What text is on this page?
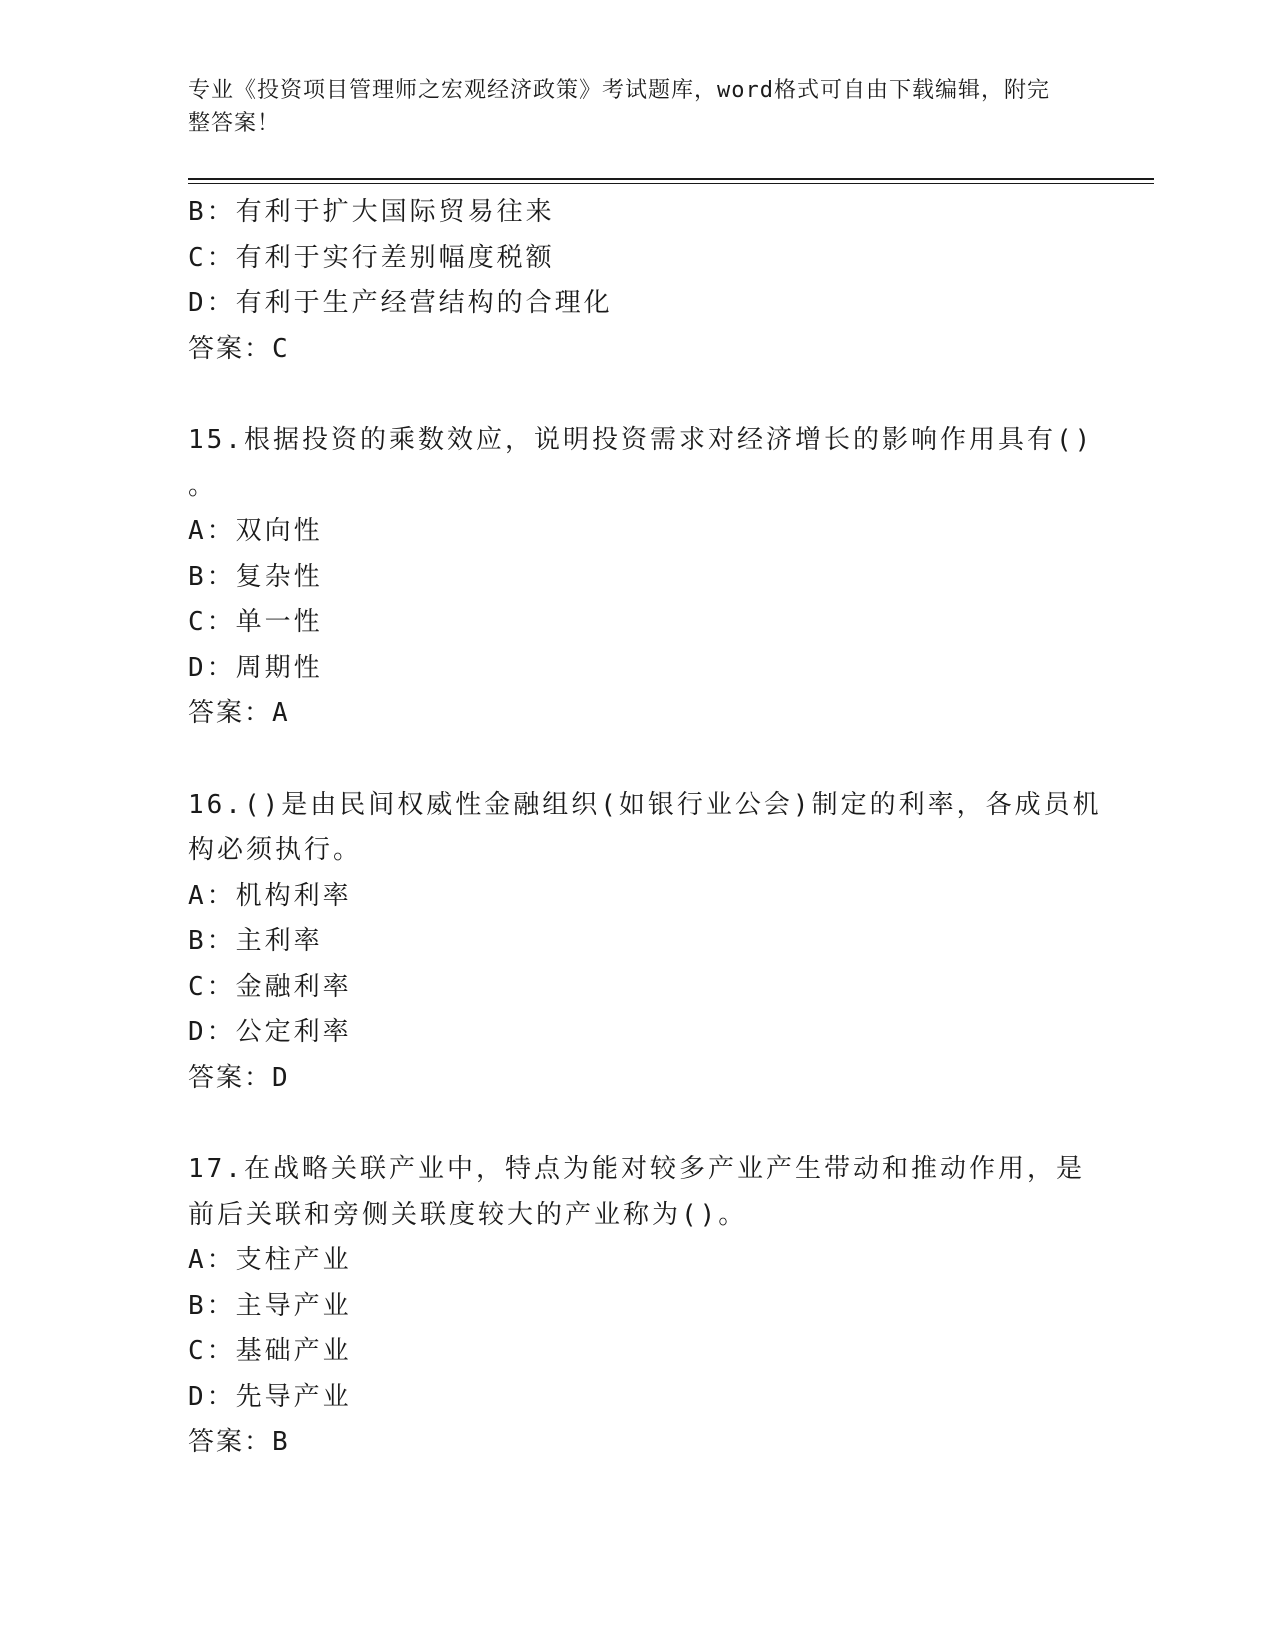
专业《投资项目管理师之宏观经济政策》考试题库，word格式可自由下载编辑，附完整答案！
B：有利于扩大国际贸易往来
C：有利于实行差别幅度税额
D：有利于生产经营结构的合理化
答案：C
15.根据投资的乘数效应，说明投资需求对经济增长的影响作用具有()
。
A：双向性
B：复杂性
C：单一性
D：周期性
答案：A
16.()是由民间权威性金融组织(如银行业公会)制定的利率，各成员机
构必须执行。
A：机构利率
B：主利率
C：金融利率
D：公定利率
答案：D
17.在战略关联产业中，特点为能对较多产业产生带动和推动作用，是
前后关联和旁侧关联度较大的产业称为()。
A：支柱产业
B：主导产业
C：基础产业
D：先导产业
答案：B
